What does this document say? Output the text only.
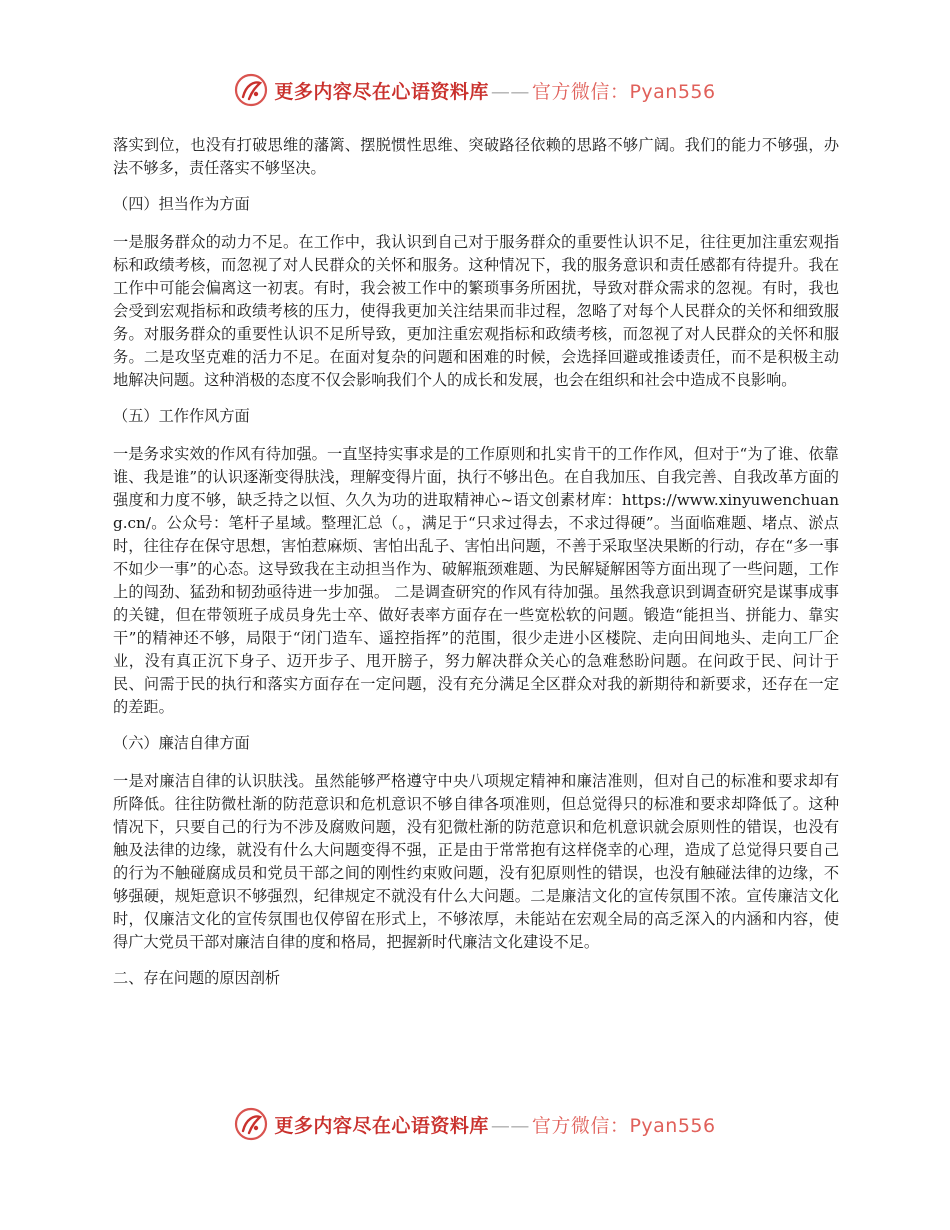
更多内容尽在心语资料库 —— 官方微信：Pyan556

落实到位，也没有打破思维的藩篱、摆脱惯性思维、突破路径依赖的思路不够广阔。我们的能力不够强，办法不够多，责任落实不够坚决。

（四）担当作为方面

一是服务群众的动力不足。在工作中，我认识到自己对于服务群众的重要性认识不足，往往更加注重宏观指标和政绩考核，而忽视了对人民群众的关怀和服务。这种情况下，我的服务意识和责任感都有待提升。我在工作中可能会偏离这一初衷。有时，我会被工作中的繁琐事务所困扰，导致对群众需求的忽视。有时，我也会受到宏观指标和政绩考核的压力，使得我更加关注结果而非过程，忽略了对每个人民群众的关怀和细致服务。对服务群众的重要性认识不足所导致，更加注重宏观指标和政绩考核，而忽视了对人民群众的关怀和服务。二是攻坚克难的活力不足。在面对复杂的问题和困难的时候，会选择回避或推诿责任，而不是积极主动地解决问题。这种消极的态度不仅会影响我们个人的成长和发展，也会在组织和社会中造成不良影响。

（五）工作作风方面

一是务求实效的作风有待加强。一直坚持实事求是的工作原则和扎实肯干的工作作风，但对于“为了谁、依靠谁、我是谁”的认识逐渐变得肤浅，理解变得片面，执行不够出色。在自我加压、自我完善、自我改革方面的强度和力度不够，缺乏持之以恒、久久为功的进取精神心~语文创素材库：https://www.xinyuwenchuang.cn/。公众号：笔杆子星域。整理汇总（。，满足于“只求过得去，不求过得硬”。当面临难题、堵点、淤点时，往往存在保守思想，害怕惹麻烦、害怕出乱子、害怕出问题，不善于采取坚决果断的行动，存在“多一事不如少一事”的心态。这导致我在主动担当作为、破解瓶颈难题、为民解疑解困等方面出现了一些问题，工作上的闯劲、猛劲和韧劲亟待进一步加强。 二是调查研究的作风有待加强。虽然我意识到调查研究是谋事成事的关键，但在带领班子成员身先士卒、做好表率方面存在一些宽松软的问题。锻造“能担当、拼能力、靠实干”的精神还不够，局限于“闭门造车、遥控指挥”的范围，很少走进小区楼院、走向田间地头、走向工厂企业，没有真正沉下身子、迈开步子、甩开膀子，努力解决群众关心的急难愁盼问题。在问政于民、问计于民、问需于民的执行和落实方面存在一定问题，没有充分满足全区群众对我的新期待和新要求，还存在一定的差距。

（六）廉洁自律方面

一是对廉洁自律的认识肤浅。虽然能够严格遵守中央八项规定精神和廉洁准则，但对自己的标准和要求却有所降低。往往防微杜渐的防范意识和危机意识不够自律各项准则，但总觉得只的标准和要求却降低了。这种情况下，只要自己的行为不涉及腐败问题，没有犯微杜渐的防范意识和危机意识就会原则性的错误，也没有触及法律的边缘，就没有什么大问题变得不强，正是由于常常抱有这样侥幸的心理，造成了总觉得只要自己的行为不触碰腐成员和党员干部之间的刚性约束败问题，没有犯原则性的错误，也没有触碰法律的边缘，不够强硬，规矩意识不够强烈，纪律规定不就没有什么大问题。二是廉洁文化的宣传氛围不浓。宣传廉洁文化时，仅廉洁文化的宣传氛围也仅停留在形式上，不够浓厚，未能站在宏观全局的高乏深入的内涵和内容，使得广大党员干部对廉洁自律的度和格局，把握新时代廉洁文化建设不足。

二、存在问题的原因剖析

更多内容尽在心语资料库 —— 官方微信：Pyan556
